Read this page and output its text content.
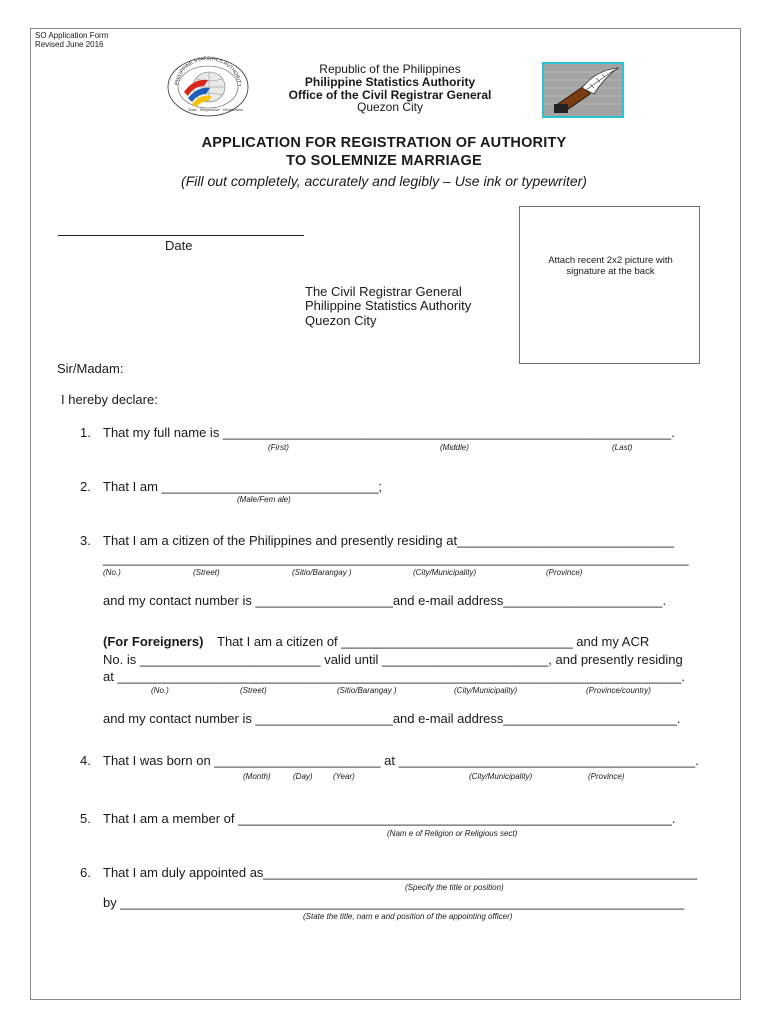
SO Application Form
Revised June 2016
PHILIPPINE STATISTICS AUTHORITY
Solid · Responsive · World-class
Republic of the Philippines
Philippine Statistics Authority
Office of the Civil Registrar General
Quezon City
APPLICATION FOR REGISTRATION OF AUTHORITY
TO SOLEMNIZE MARRIAGE
(Fill out completely, accurately and legibly – Use ink or typewriter)
Attach recent 2x2 picture with signature at the back
Date
The Civil Registrar General
Philippine Statistics Authority
Quezon City
Sir/Madam:
I hereby declare:
1. That my full name is ______________________________________________________________.
(First)	(Middle)	(Last)
2. That I am ______________________________;
(Male/Fem ale)
3. That I am a citizen of the Philippines and presently residing at______________________________
_________________________________________________________________________________
(No.)	(Street)	(Sitio/Barangay )	(City/Municipality)	(Province)
and my contact number is ___________________and e-mail address______________________.
(For Foreigners) That I am a citizen of ________________________________ and my ACR
No. is _________________________ valid until _______________________, and presently residing
at ______________________________________________________________________________.
(No.)	(Street)	(Sitio/Barangay )	(City/Municipality)	(Province/country)
and my contact number is ___________________and e-mail address________________________.
4. That I was born on _______________________ at _________________________________________.
(Month)	(Day)	(Year)	(City/Municipality)	(Province)
5. That I am a member of ____________________________________________________________.
(Nam e of Religion or Religious sect)
6. That I am duly appointed as____________________________________________________________
(Specify the title or position)
by ______________________________________________________________________________
(State the title, nam e and position of the appointing officer)
